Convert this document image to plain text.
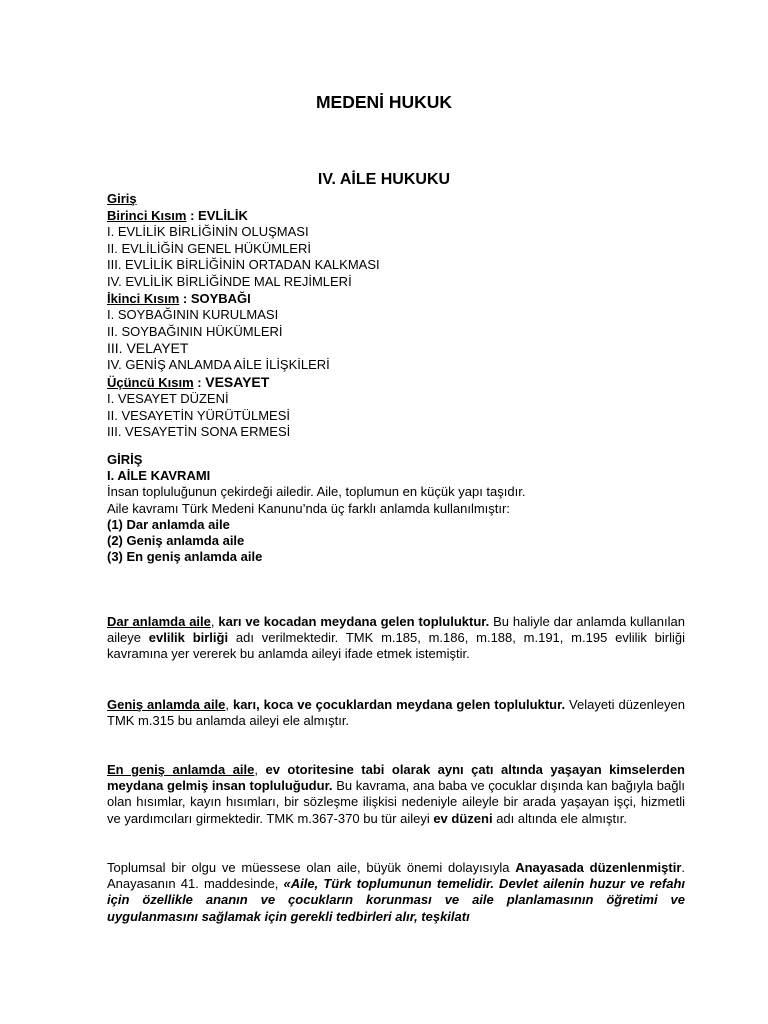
MEDENİ HUKUK
IV. AİLE HUKUKU
Giriş
Birinci Kısım : EVLİLİK
I. EVLİLİK BİRLİĞİNİN OLUŞMASI
II. EVLİLİĞİN GENEL HÜKÜMLERİ
III. EVLİLİK BİRLİĞİNİN ORTADAN KALKMASI
IV. EVLİLİK BİRLİĞİNDE MAL REJİMLERİ
İkinci Kısım : SOYBAĞI
I. SOYBAĞININ KURULMASI
II. SOYBAĞININ HÜKÜMLERİ
III. VELAYET
IV. GENİŞ ANLAMDA AİLE İLİŞKİLERİ
Üçüncü Kısım : VESAYET
I. VESAYET DÜZENİ
II. VESAYETİN YÜRÜTÜLMESİ
III. VESAYETİN SONA ERMESİ
GİRİŞ
I. AİLE KAVRAMI
İnsan topluluğunun çekirdeği ailedir. Aile, toplumun en küçük yapı taşıdır.
Aile kavramı Türk Medeni Kanunu’nda üç farklı anlamda kullanılmıştır:
(1) Dar anlamda aile
(2) Geniş anlamda aile
(3) En geniş anlamda aile
Dar anlamda aile, karı ve kocadan meydana gelen topluluktur. Bu haliyle dar anlamda kullanılan aileye evlilik birliği adı verilmektedir. TMK m.185, m.186, m.188, m.191, m.195 evlilik birliği kavramına yer vererek bu anlamda aileyi ifade etmek istemiştir.
Geniş anlamda aile, karı, koca ve çocuklardan meydana gelen topluluktur. Velayeti düzenleyen TMK m.315 bu anlamda aileyi ele almıştır.
En geniş anlamda aile, ev otoritesine tabi olarak aynı çatı altında yaşayan kimselerden meydana gelmiş insan topluluğudur. Bu kavrama, ana baba ve çocuklar dışında kan bağıyla bağlı olan hısımlar, kayın hısımları, bir sözleşme ilişkisi nedeniyle aileyle bir arada yaşayan işçi, hizmetli ve yardımcıları girmektedir. TMK m.367-370 bu tür aileyi ev düzeni adı altında ele almıştır.
Toplumsal bir olgu ve müessese olan aile, büyük önemi dolayısıyla Anayasada düzenlenmiştir. Anayasanın 41. maddesinde, «Aile, Türk toplumunun temelidir. Devlet ailenin huzur ve refahı için özellikle ananın ve çocukların korunması ve aile planlamasının öğretimi ve uygulanmasını sağlamak için gerekli tedbirleri alır, teşkilatı
